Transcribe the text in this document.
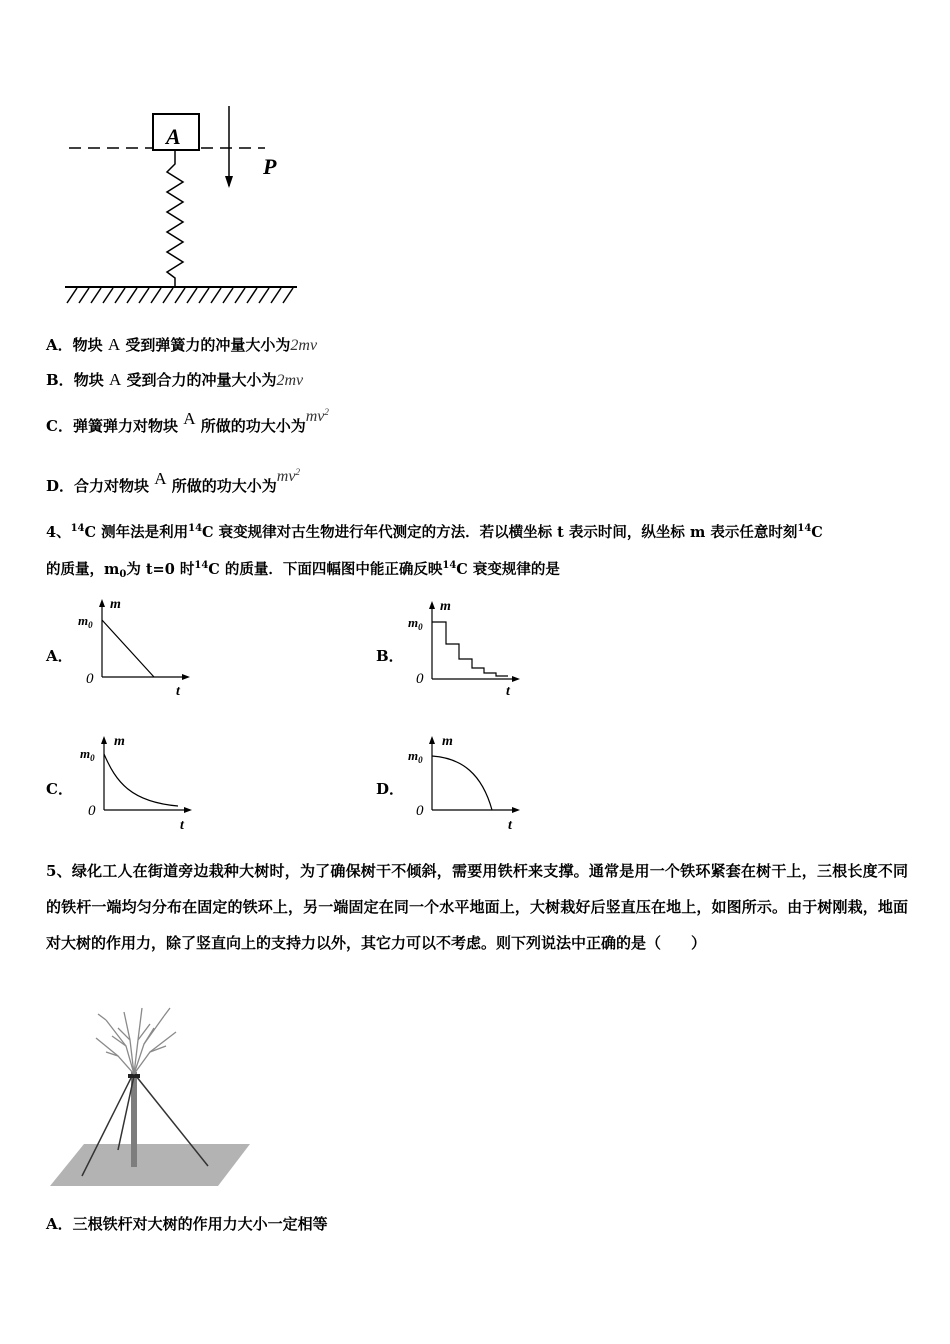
A
P
A．物块 A 受到弹簧力的冲量大小为2mv
B．物块 A 受到合力的冲量大小为2mv
C．弹簧弹力对物块 A 所做的功大小为$mv^2$
D．合力对物块 A 所做的功大小为$mv^2$
4、$^{14}$C 测年法是利用$^{14}$C 衰变规律对古生物进行年代测定的方法．若以横坐标 t 表示时间，纵坐标 m 表示任意时刻$^{14}$C
的质量，$m_0$为 t=0 时$^{14}$C 的质量．下面四幅图中能正确反映$^{14}$C 衰变规律的是
A．	B．
C．	D．
m
$m_0$
0
t
m
$m_0$
0
t
m
$m_0$
0
t
m
$m_0$
0
t
5、绿化工人在街道旁边栽种大树时，为了确保树干不倾斜，需要用铁杆来支撑。通常是用一个铁环紧套在树干上，三根长度不同的铁杆一端均匀分布在固定的铁环上，另一端固定在同一个水平地面上，大树栽好后竖直压在地上，如图所示。由于树刚栽，地面对大树的作用力，除了竖直向上的支持力以外，其它力可以不考虑。则下列说法中正确的是（　　）
A．三根铁杆对大树的作用力大小一定相等
